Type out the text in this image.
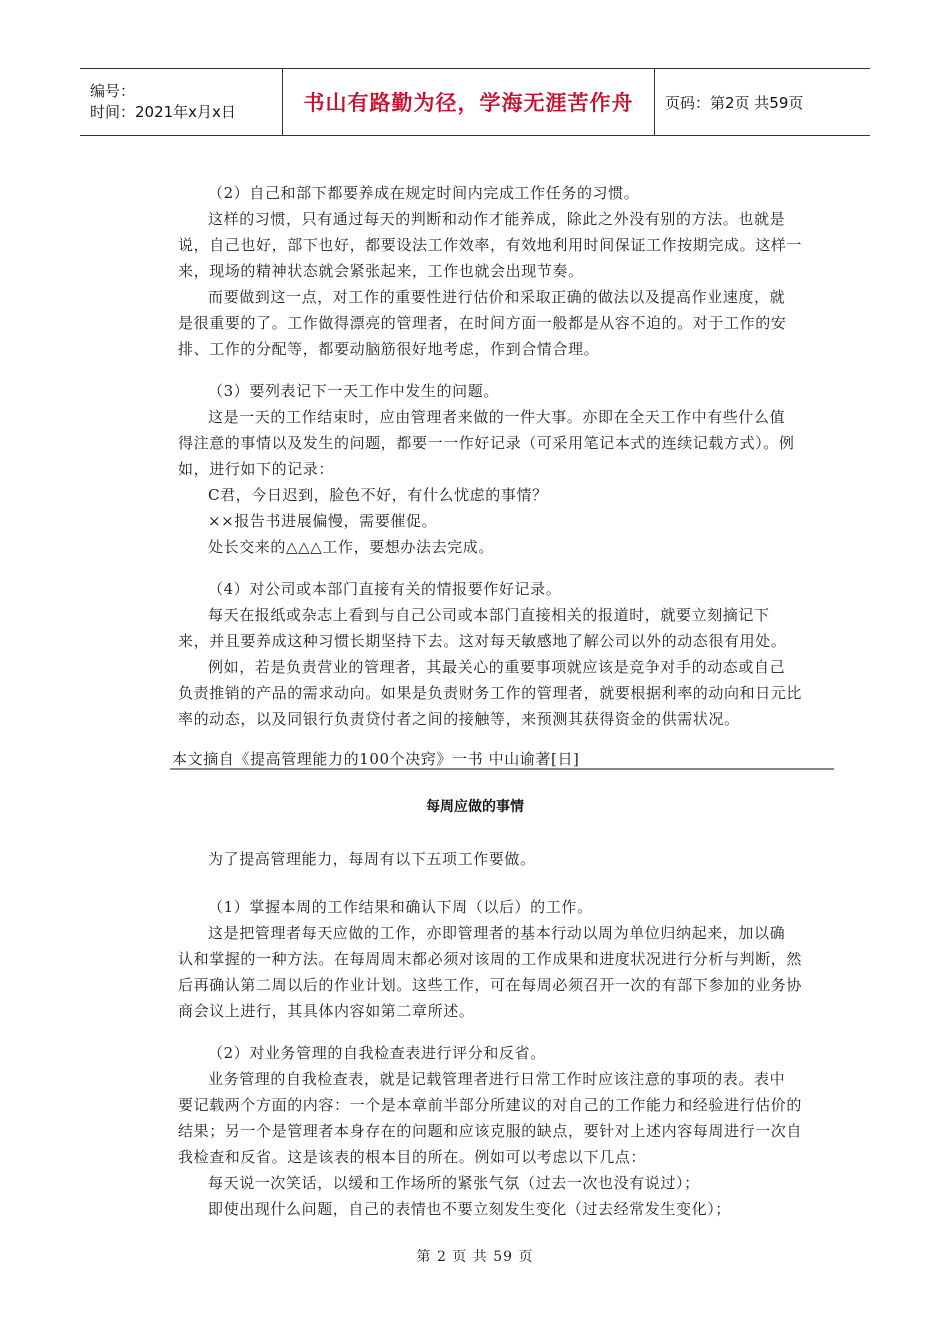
编号：
时间：2021年x月x日	书山有路勤为径，学海无涯苦作舟 页码：第2页 共59页
（2）自己和部下都要养成在规定时间内完成工作任务的习惯。
这样的习惯，只有通过每天的判断和动作才能养成，除此之外没有别的方法。也就是
说，自己也好，部下也好，都要设法工作效率，有效地利用时间保证工作按期完成。这样一
来，现场的精神状态就会紧张起来，工作也就会出现节奏。
而要做到这一点，对工作的重要性进行估价和采取正确的做法以及提高作业速度，就
是很重要的了。工作做得漂亮的管理者，在时间方面一般都是从容不迫的。对于工作的安
排、工作的分配等，都要动脑筋很好地考虑，作到合情合理。
（3）要列表记下一天工作中发生的问题。
这是一天的工作结束时，应由管理者来做的一件大事。亦即在全天工作中有些什么值
得注意的事情以及发生的问题，都要一一作好记录（可采用笔记本式的连续记载方式）。例
如，进行如下的记录：
C君，今日迟到，脸色不好，有什么忧虑的事情？
××报告书进展偏慢，需要催促。
处长交来的△△△工作，要想办法去完成。
（4）对公司或本部门直接有关的情报要作好记录。
每天在报纸或杂志上看到与自己公司或本部门直接相关的报道时，就要立刻摘记下
来，并且要养成这种习惯长期坚持下去。这对每天敏感地了解公司以外的动态很有用处。
例如，若是负责营业的管理者，其最关心的重要事项就应该是竞争对手的动态或自己
负责推销的产品的需求动向。如果是负责财务工作的管理者，就要根据利率的动向和日元比
率的动态，以及同银行负责贷付者之间的接触等，来预测其获得资金的供需状况。
本文摘自《提高管理能力的100个决窍》一书 中山谕著[日]
每周应做的事情
为了提高管理能力，每周有以下五项工作要做。
（1）掌握本周的工作结果和确认下周（以后）的工作。
这是把管理者每天应做的工作，亦即管理者的基本行动以周为单位归纳起来，加以确
认和掌握的一种方法。在每周周末都必须对该周的工作成果和进度状况进行分析与判断，然
后再确认第二周以后的作业计划。这些工作，可在每周必须召开一次的有部下参加的业务协
商会议上进行，其具体内容如第二章所述。
（2）对业务管理的自我检查表进行评分和反省。
业务管理的自我检查表，就是记载管理者进行日常工作时应该注意的事项的表。表中
要记载两个方面的内容：一个是本章前半部分所建议的对自己的工作能力和经验进行估价的
结果；另一个是管理者本身存在的问题和应该克服的缺点，要针对上述内容每周进行一次自
我检查和反省。这是该表的根本目的所在。例如可以考虑以下几点：
每天说一次笑话，以缓和工作场所的紧张气氛（过去一次也没有说过）；
即使出现什么问题，自己的表情也不要立刻发生变化（过去经常发生变化）；
第 2 页 共 59 页
